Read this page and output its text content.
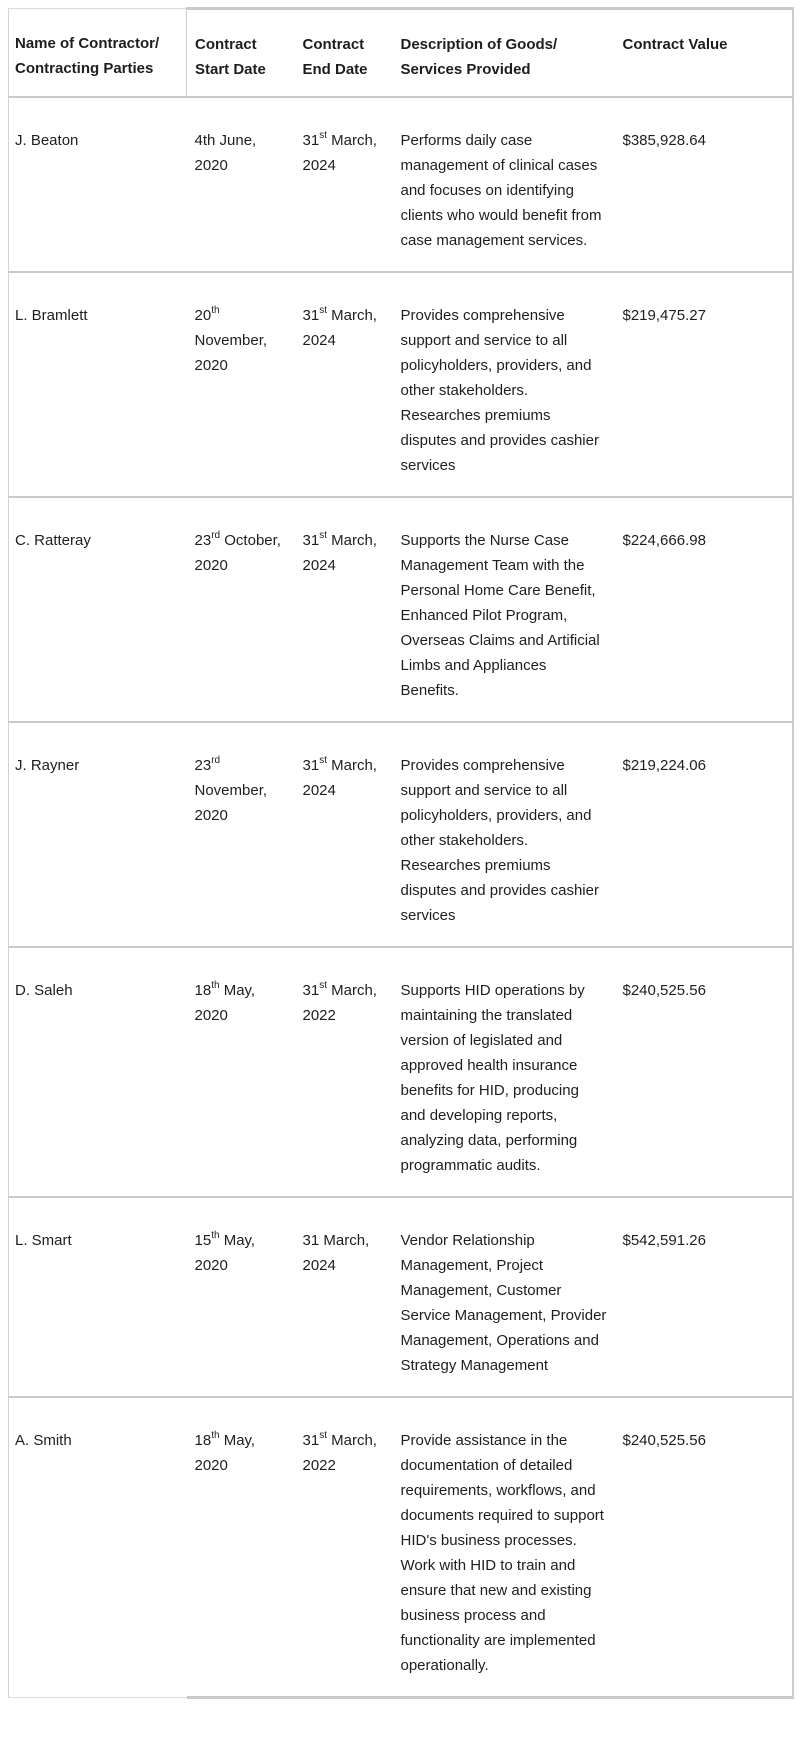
Name of Contractor/ Contracting Parties	Contract Start Date	Contract End Date	Description of Goods/ Services Provided	Contract Value
J. Beaton	4th June, 2020	31st March, 2024	Performs daily case management of clinical cases and focuses on identifying clients who would benefit from case management services.	$385,928.64
L. Bramlett	20th November, 2020	31st March, 2024	Provides comprehensive support and service to all policyholders, providers, and other stakeholders. Researches premiums disputes and provides cashier services	$219,475.27
C. Ratteray	23rd October, 2020	31st March, 2024	Supports the Nurse Case Management Team with the Personal Home Care Benefit, Enhanced Pilot Program, Overseas Claims and Artificial Limbs and Appliances Benefits.	$224,666.98
J. Rayner	23rd November, 2020	31st March, 2024	Provides comprehensive support and service to all policyholders, providers, and other stakeholders. Researches premiums disputes and provides cashier services	$219,224.06
D. Saleh	18th May, 2020	31st March, 2022	Supports HID operations by maintaining the translated version of legislated and approved health insurance benefits for HID, producing and developing reports, analyzing data, performing programmatic audits.	$240,525.56
L. Smart	15th May, 2020	31 March, 2024	Vendor Relationship Management, Project Management, Customer Service Management, Provider Management, Operations and Strategy Management	$542,591.26
A. Smith	18th May, 2020	31st March, 2022	Provide assistance in the documentation of detailed requirements, workflows, and documents required to support HID's business processes. Work with HID to train and ensure that new and existing business process and functionality are implemented operationally.	$240,525.56
